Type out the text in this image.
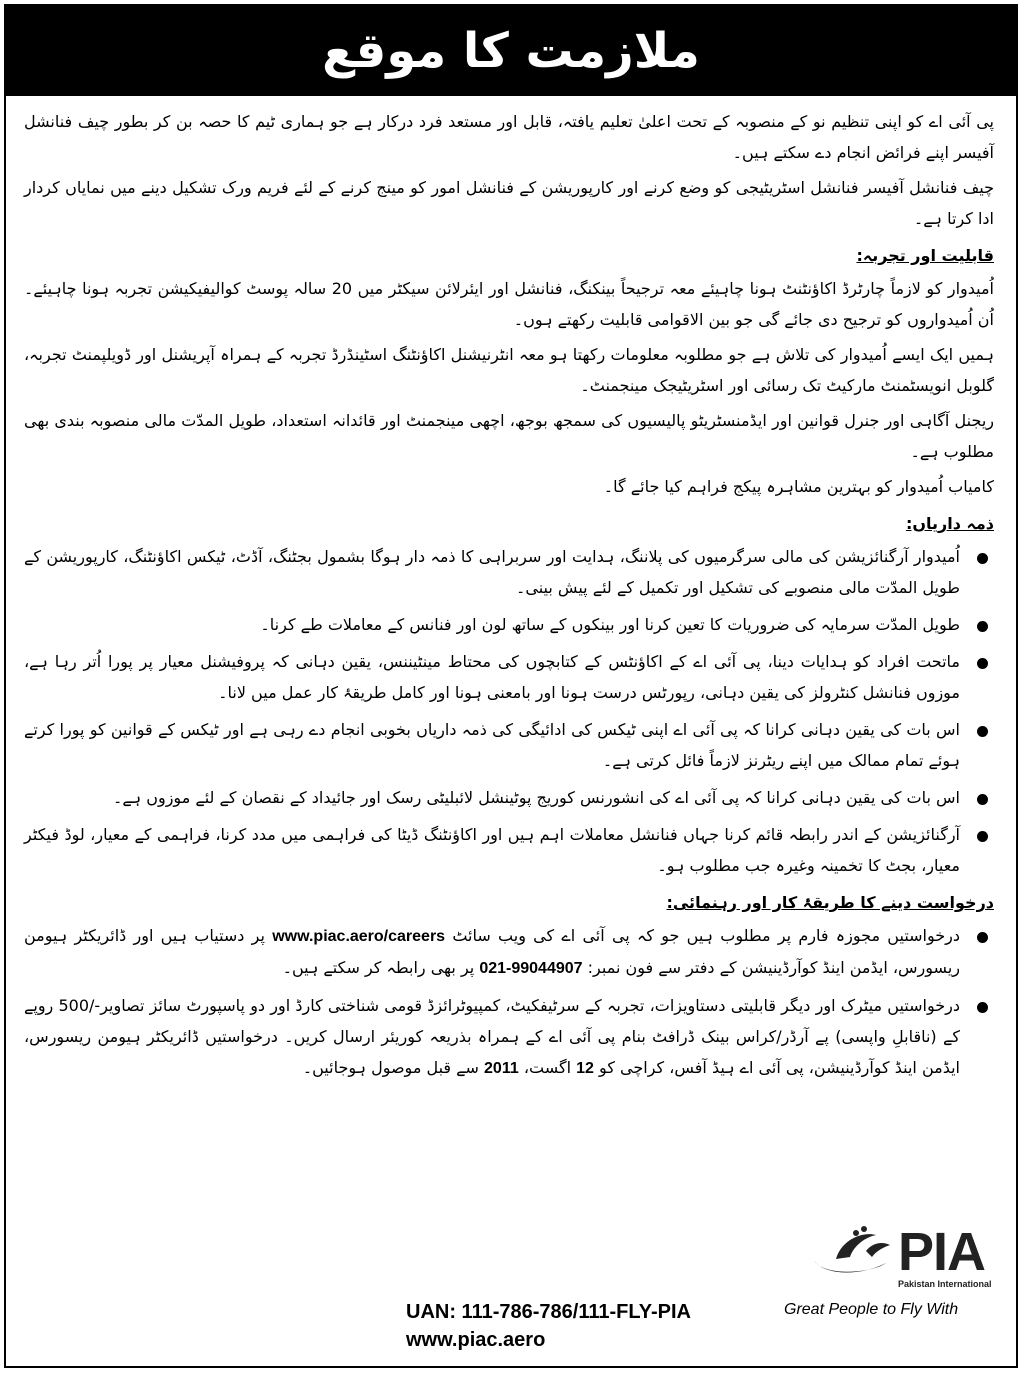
ملازمت کا موقع

پی آئی اے کو اپنی تنظیم نو کے منصوبہ کے تحت اعلیٰ تعلیم یافتہ، قابل اور مستعد فرد درکار ہے جو ہماری ٹیم کا حصہ بن کر بطور چیف فنانشل آفیسر اپنے فرائض انجام دے سکتے ہیں۔

چیف فنانشل آفیسر فنانشل اسٹریٹیجی کو وضع کرنے اور کارپوریشن کے فنانشل امور کو مینج کرنے کے لئے فریم ورک تشکیل دینے میں نمایاں کردار ادا کرتا ہے۔

قابلیت اور تجربہ:

اُمیدوار کو لازماً چارٹرڈ اکاؤنٹنٹ ہونا چاہیئے معہ ترجیحاً بینکنگ، فنانشل اور ایئرلائن سیکٹر میں 20 سالہ پوسٹ کوالیفیکیشن تجربہ ہونا چاہیئے۔ اُن اُمیدواروں کو ترجیح دی جائے گی جو بین الاقوامی قابلیت رکھتے ہوں۔

ہمیں ایک ایسے اُمیدوار کی تلاش ہے جو مطلوبہ معلومات رکھتا ہو معہ انٹرنیشنل اکاؤنٹنگ اسٹینڈرڈ تجربہ کے ہمراہ آپریشنل اور ڈویلپمنٹ تجربہ، گلوبل انویسٹمنٹ مارکیٹ تک رسائی اور اسٹریٹیجک مینجمنٹ۔

ریجنل آگاہی اور جنرل قوانین اور ایڈمنسٹریٹو پالیسیوں کی سمجھ بوجھ، اچھی مینجمنٹ اور قائدانہ استعداد، طویل المدّت مالی منصوبہ بندی بھی مطلوب ہے۔

کامیاب اُمیدوار کو بہترین مشاہرہ پیکج فراہم کیا جائے گا۔

ذمہ داریاں:
اُمیدوار آرگنائزیشن کی مالی سرگرمیوں کی پلاننگ، ہدایت اور سربراہی کا ذمہ دار ہوگا بشمول بجٹنگ، آڈٹ، ٹیکس اکاؤنٹنگ، کارپوریشن کے طویل المدّت مالی منصوبے کی تشکیل اور تکمیل کے لئے پیش بینی۔
طویل المدّت سرمایہ کی ضروریات کا تعین کرنا اور بینکوں کے ساتھ لون اور فنانس کے معاملات طے کرنا۔
ماتحت افراد کو ہدایات دینا، پی آئی اے کے اکاؤنٹس کے کتابچوں کی محتاط مینٹیننس، یقین دہانی کہ پروفیشنل معیار پر پورا اُتر رہا ہے، موزوں فنانشل کنٹرولز کی یقین دہانی، رپورٹس درست ہونا اور بامعنی ہونا اور کامل طریقۂ کار عمل میں لانا۔
اس بات کی یقین دہانی کرانا کہ پی آئی اے اپنی ٹیکس کی ادائیگی کی ذمہ داریاں بخوبی انجام دے رہی ہے اور ٹیکس کے قوانین کو پورا کرتے ہوئے تمام ممالک میں اپنے ریٹرنز لازماً فائل کرتی ہے۔
اس بات کی یقین دہانی کرانا کہ پی آئی اے کی انشورنس کوریج پوٹینشل لائبلیٹی رسک اور جائیداد کے نقصان کے لئے موزوں ہے۔
آرگنائزیشن کے اندر رابطہ قائم کرنا جہاں فنانشل معاملات اہم ہیں اور اکاؤنٹنگ ڈیٹا کی فراہمی میں مدد کرنا، فراہمی کے معیار، لوڈ فیکٹر معیار، بجٹ کا تخمینہ وغیرہ جب مطلوب ہو۔
درخواست دینے کا طریقۂ کار اور رہنمائی:
درخواستیں مجوزہ فارم پر مطلوب ہیں جو کہ پی آئی اے کی ویب سائٹ www.piac.aero/careers پر دستیاب ہیں اور ڈائریکٹر ہیومن ریسورس، ایڈمن اینڈ کوآرڈینیشن کے دفتر سے فون نمبر: 021-99044907 پر بھی رابطہ کر سکتے ہیں۔
درخواستیں میٹرک اور دیگر قابلیتی دستاویزات، تجربہ کے سرٹیفکیٹ، کمپیوٹرائزڈ قومی شناختی کارڈ اور دو پاسپورٹ سائز تصاویر-/500 روپے کے (ناقابلِ واپسی) پے آرڈر/کراس بینک ڈرافٹ بنام پی آئی اے کے ہمراہ بذریعہ کوریئر ارسال کریں۔ درخواستیں ڈائریکٹر ہیومن ریسورس، ایڈمن اینڈ کوآرڈینیشن، پی آئی اے ہیڈ آفس، کراچی کو 12 اگست، 2011 سے قبل موصول ہوجائیں۔
UAN: 111-786-786/111-FLY-PIA
www.piac.aero
PIA
Pakistan International
Great People to Fly With
